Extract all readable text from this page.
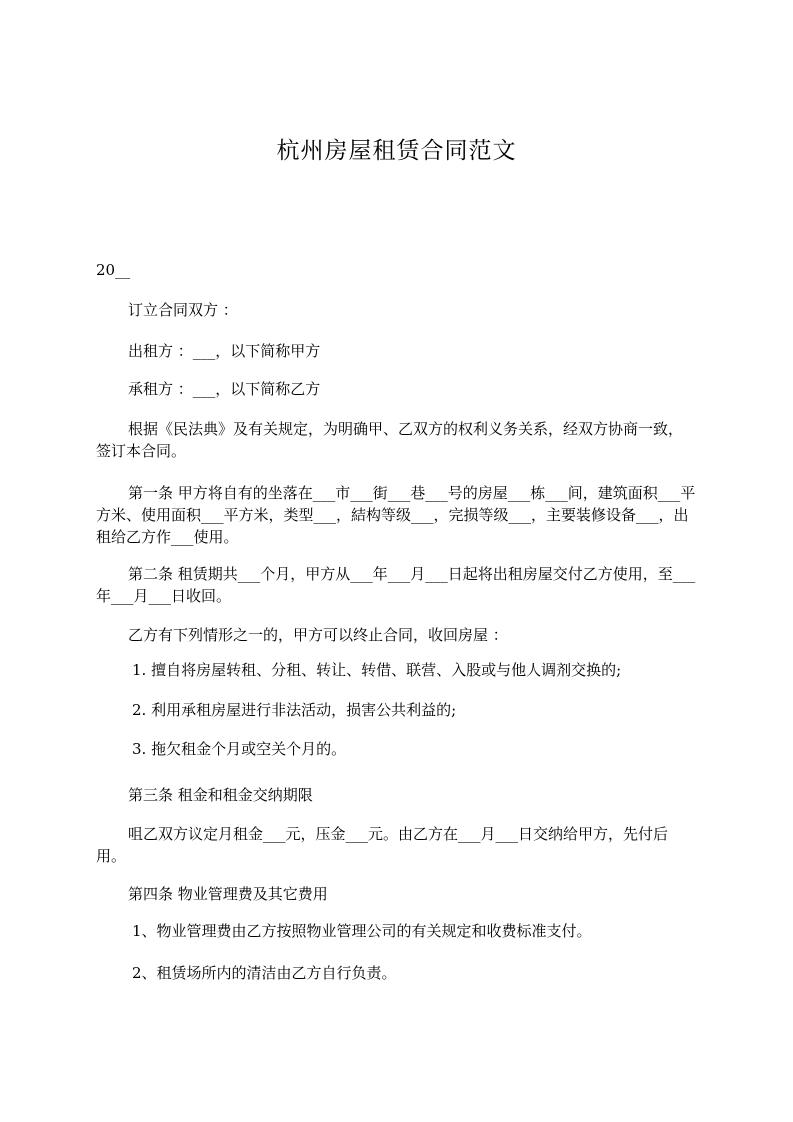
杭州房屋租赁合同范文
20__
订立合同双方 ：
出租方 ：___，以下简称甲方
承租方 ：___，以下简称乙方
根据《民法典》及有关规定，为明确甲、乙双方的权利义务关系，经双方协商一致，签订本合同。
第一条 甲方将自有的坐落在___市___街___巷___号的房屋___栋___间，建筑面积___平方米、使用面积___平方米，类型___，結构等级___，完损等级___，主要装修设备___，出租给乙方作___使用。
第二条 租赁期共___个月，甲方从___年___月___日起将出租房屋交付乙方使用，至___年___月___日收回。
乙方有下列情形之一的，甲方可以终止合同，收回房屋 ：
1. 擅自将房屋转租、分租、转让、转借、联营、入股或与他人调剂交换的;
2. 利用承租房屋进行非法活动，损害公共利益的;
3. 拖欠租金个月或空关个月的。
第三条 租金和租金交纳期限
咀乙双方议定月租金___元，压金___元。由乙方在___月___日交纳给甲方，先付后用。
第四条 物业管理费及其它费用
1、物业管理费由乙方按照物业管理公司的有关规定和收费标准支付。
2、租赁场所内的清洁由乙方自行负责。
